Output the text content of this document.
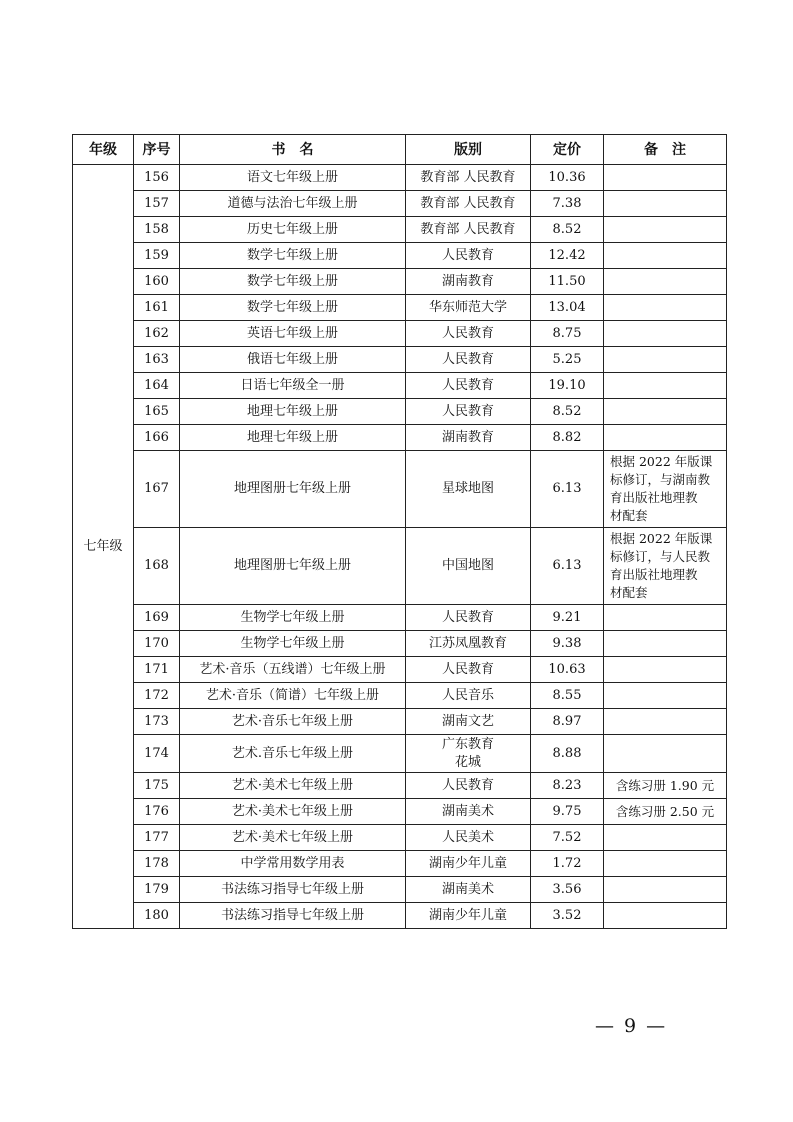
年级	序号	书　名	版别	定价	备　注
七年级	156	语文七年级上册	教育部 人民教育	10.36	
	157	道德与法治七年级上册	教育部 人民教育	7.38	
	158	历史七年级上册	教育部 人民教育	8.52	
	159	数学七年级上册	人民教育	12.42	
	160	数学七年级上册	湖南教育	11.50	
	161	数学七年级上册	华东师范大学	13.04	
	162	英语七年级上册	人民教育	8.75	
	163	俄语七年级上册	人民教育	5.25	
	164	日语七年级全一册	人民教育	19.10	
	165	地理七年级上册	人民教育	8.52	
	166	地理七年级上册	湖南教育	8.82	
	167	地理图册七年级上册	星球地图	6.13	根据 2022 年版课
标修订，与湖南教
育出版社地理教
材配套

	168	地理图册七年级上册	中国地图	6.13	根据 2022 年版课
标修订，与人民教
育出版社地理教
材配套

	169	生物学七年级上册	人民教育	9.21	
	170	生物学七年级上册	江苏凤凰教育	9.38	
	171	艺术·音乐（五线谱）七年级上册	人民教育	10.63	
	172	艺术·音乐（简谱）七年级上册	人民音乐	8.55	
	173	艺术·音乐七年级上册	湖南文艺	8.97	
	174	艺术.音乐七年级上册	广东教育
花城	8.88	
	175	艺术·美术七年级上册	人民教育	8.23	含练习册 1.90 元
	176	艺术·美术七年级上册	湖南美术	9.75	含练习册 2.50 元
	177	艺术·美术七年级上册	人民美术	7.52	
	178	中学常用数学用表	湖南少年儿童	1.72	
	179	书法练习指导七年级上册	湖南美术	3.56	
	180	书法练习指导七年级上册	湖南少年儿童	3.52	
— 9 —
